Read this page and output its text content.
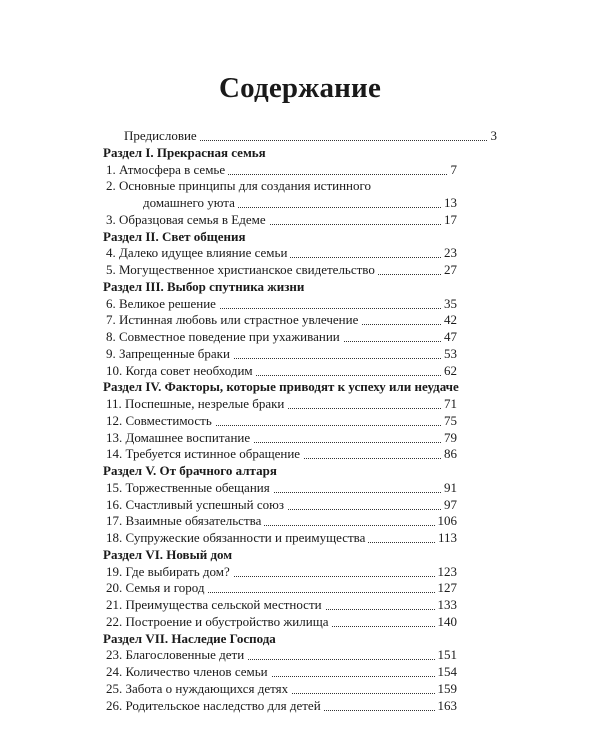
Содержание
Предисловие	3
Раздел I. Прекрасная семья
1. Атмосфера в семье	7
2. Основные принципы для создания истинного
домашнего уюта	13
3. Образцовая семья в Едеме	17
Раздел II. Свет общения
4. Далеко идущее влияние семьи	23
5. Могущественное христианское свидетельство	27
Раздел III. Выбор спутника жизни
6. Великое решение	35
7. Истинная любовь или страстное увлечение	42
8. Совместное поведение при ухаживании	47
9. Запрещенные браки	53
10. Когда совет необходим	62
Раздел IV. Факторы, которые приводят к успеху или неудаче
11. Поспешные, незрелые браки	71
12. Совместимость	75
13. Домашнее воспитание	79
14. Требуется истинное обращение	86
Раздел V. От брачного алтаря
15. Торжественные обещания	91
16. Счастливый успешный союз	97
17. Взаимные обязательства	106
18. Супружеские обязанности и преимущества	113
Раздел VI. Новый дом
19. Где выбирать дом?	123
20. Семья и город	127
21. Преимущества сельской местности	133
22. Построение и обустройство жилища	140
Раздел VII. Наследие Господа
23. Благословенные дети	151
24. Количество членов семьи	154
25. Забота о нуждающихся детях	159
26. Родительское наследство для детей	163
